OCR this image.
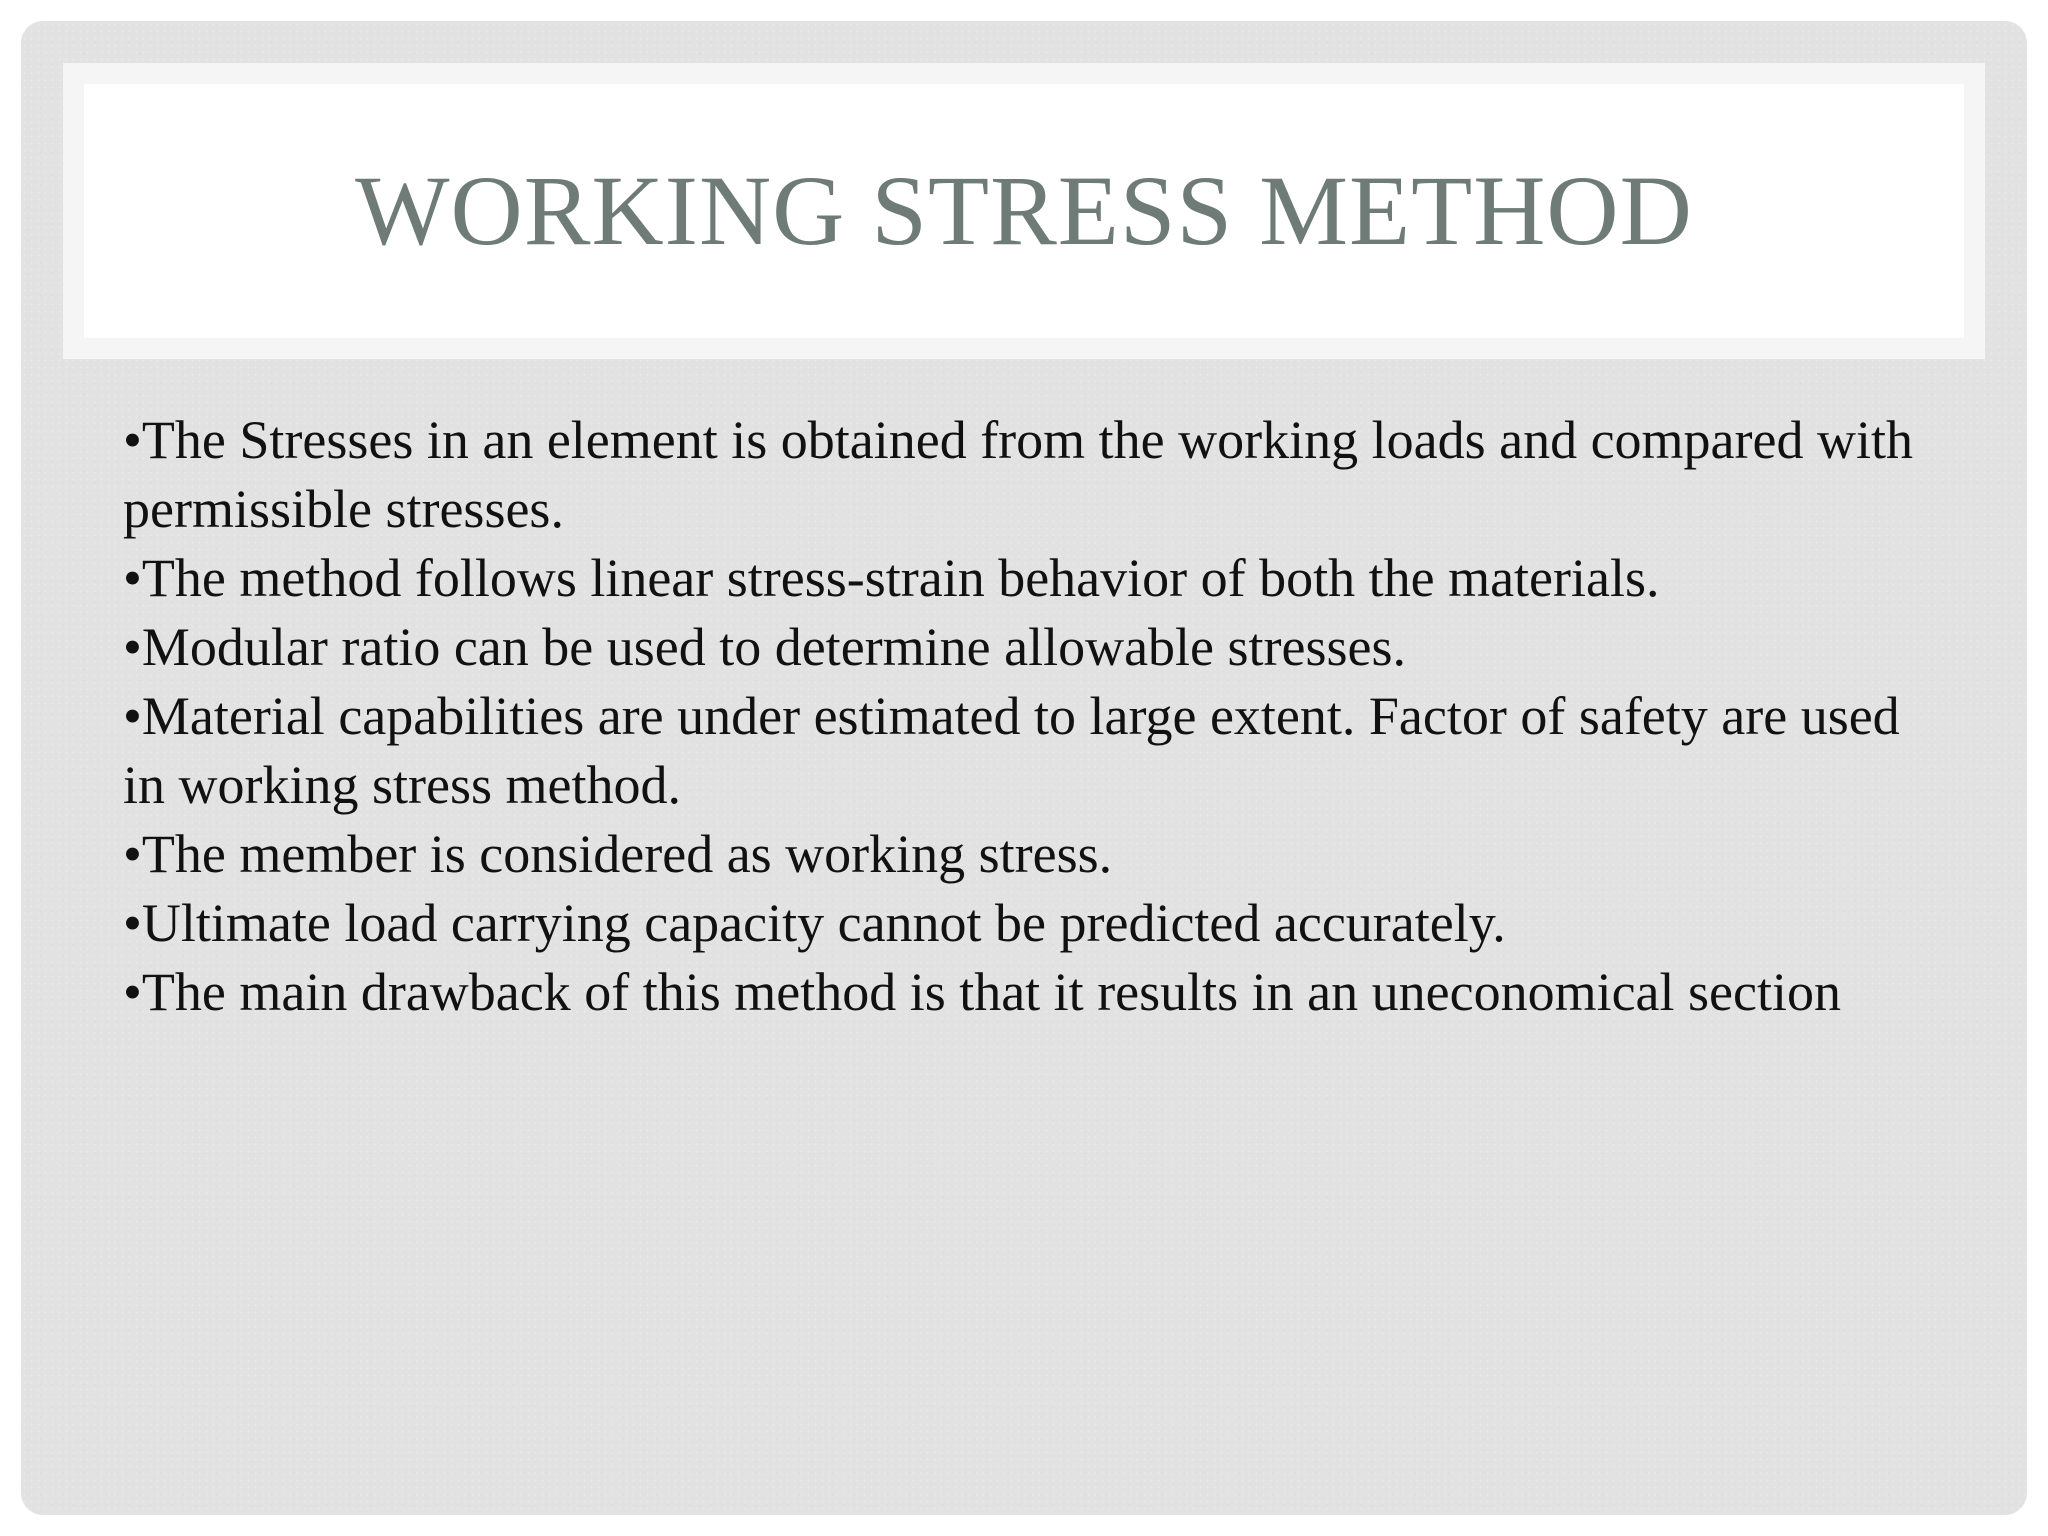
WORKING STRESS METHOD

•The Stresses in an element is obtained from the working loads and compared with permissible stresses.

•The method follows linear stress-strain behavior of both the materials.

•Modular ratio can be used to determine allowable stresses.

•Material capabilities are under estimated to large extent. Factor of safety are used in working stress method.

•The member is considered as working stress.

•Ultimate load carrying capacity cannot be predicted accurately.

•The main drawback of this method is that it results in an uneconomical section
